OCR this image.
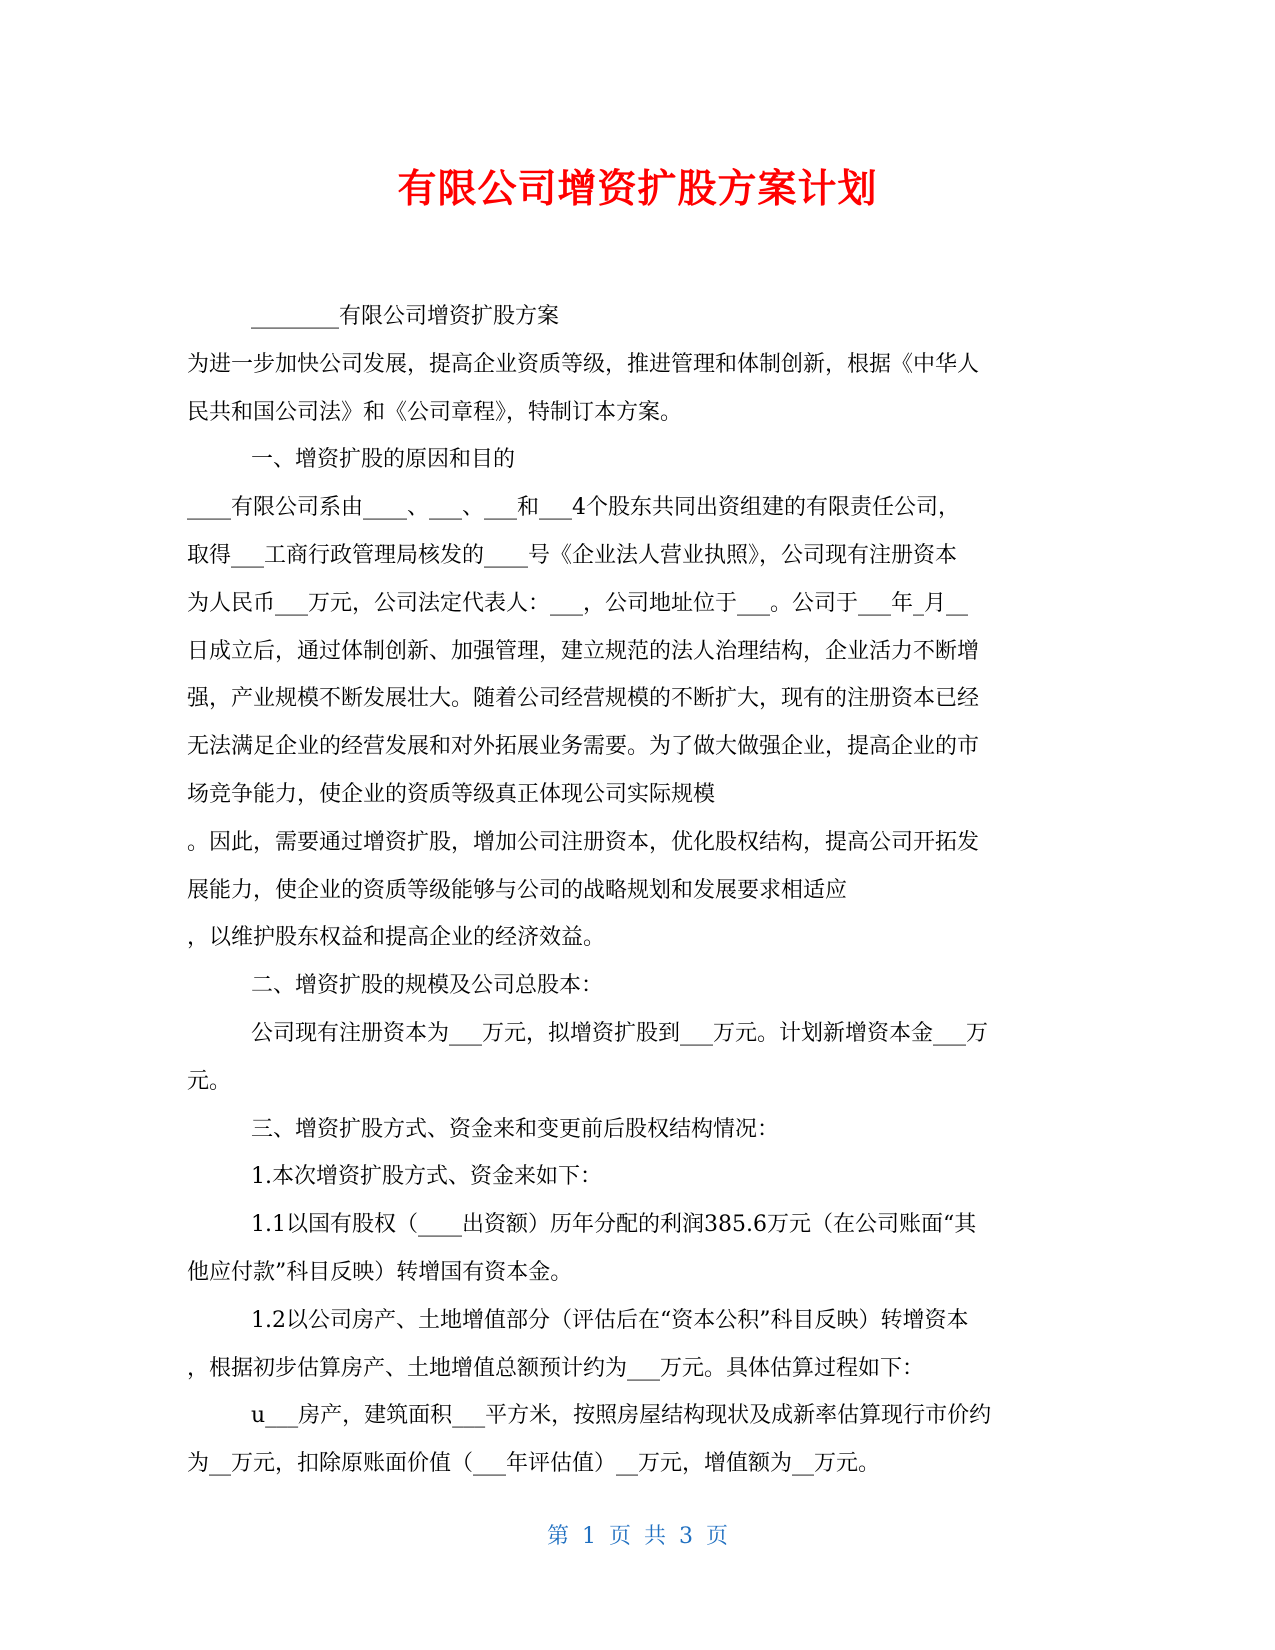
有限公司增资扩股方案计划
________有限公司增资扩股方案
为进一步加快公司发展，提高企业资质等级，推进管理和体制创新，根据《中华人
民共和国公司法》和《公司章程》，特制订本方案。
一、增资扩股的原因和目的
____有限公司系由____、___、___和___4个股东共同出资组建的有限责任公司，
取得___工商行政管理局核发的____号《企业法人营业执照》，公司现有注册资本
为人民币___万元，公司法定代表人：___，公司地址位于___。公司于___年_月__
日成立后，通过体制创新、加强管理，建立规范的法人治理结构，企业活力不断增
强，产业规模不断发展壮大。随着公司经营规模的不断扩大，现有的注册资本已经
无法满足企业的经营发展和对外拓展业务需要。为了做大做强企业，提高企业的市
场竞争能力，使企业的资质等级真正体现公司实际规模
。因此，需要通过增资扩股，增加公司注册资本，优化股权结构，提高公司开拓发
展能力，使企业的资质等级能够与公司的战略规划和发展要求相适应
，以维护股东权益和提高企业的经济效益。
二、增资扩股的规模及公司总股本：
公司现有注册资本为___万元，拟增资扩股到___万元。计划新增资本金___万
元。
三、增资扩股方式、资金来和变更前后股权结构情况：
1.本次增资扩股方式、资金来如下：
1.1以国有股权（____出资额）历年分配的利润385.6万元（在公司账面“其
他应付款”科目反映）转增国有资本金。
1.2以公司房产、土地增值部分（评估后在“资本公积”科目反映）转增资本
，根据初步估算房产、土地增值总额预计约为___万元。具体估算过程如下：
u___房产，建筑面积___平方米，按照房屋结构现状及成新率估算现行市价约
为__万元，扣除原账面价值（___年评估值）__万元，增值额为__万元。
第 1 页 共 3 页
